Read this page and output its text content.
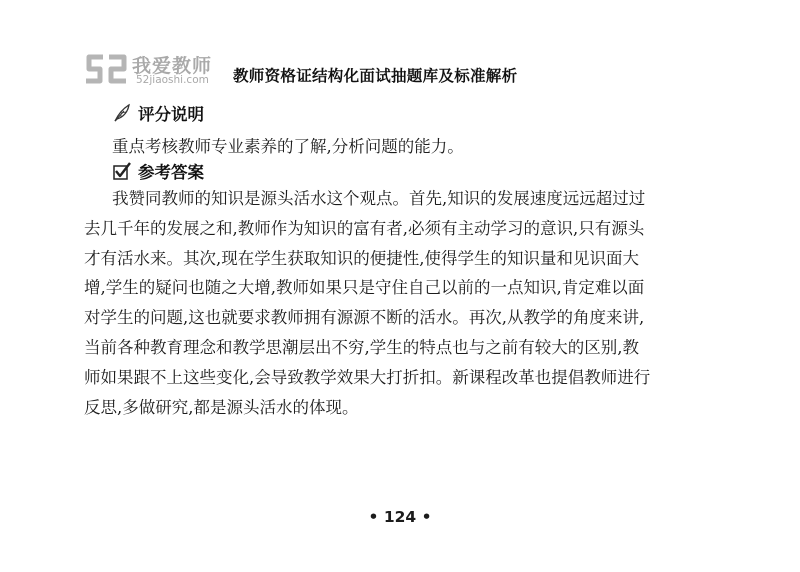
我爱教师
52jiaoshi.com 教师资格证结构化面试抽题库及标准解析
评分说明
重点考核教师专业素养的了解,分析问题的能力。
参考答案
我赞同教师的知识是源头活水这个观点。首先,知识的发展速度远远超过过
去几千年的发展之和,教师作为知识的富有者,必须有主动学习的意识,只有源头
才有活水来。其次,现在学生获取知识的便捷性,使得学生的知识量和见识面大
增,学生的疑问也随之大增,教师如果只是守住自己以前的一点知识,肯定难以面
对学生的问题,这也就要求教师拥有源源不断的活水。再次,从教学的角度来讲,
当前各种教育理念和教学思潮层出不穷,学生的特点也与之前有较大的区别,教
师如果跟不上这些变化,会导致教学效果大打折扣。新课程改革也提倡教师进行
反思,多做研究,都是源头活水的体现。
• 124 •
